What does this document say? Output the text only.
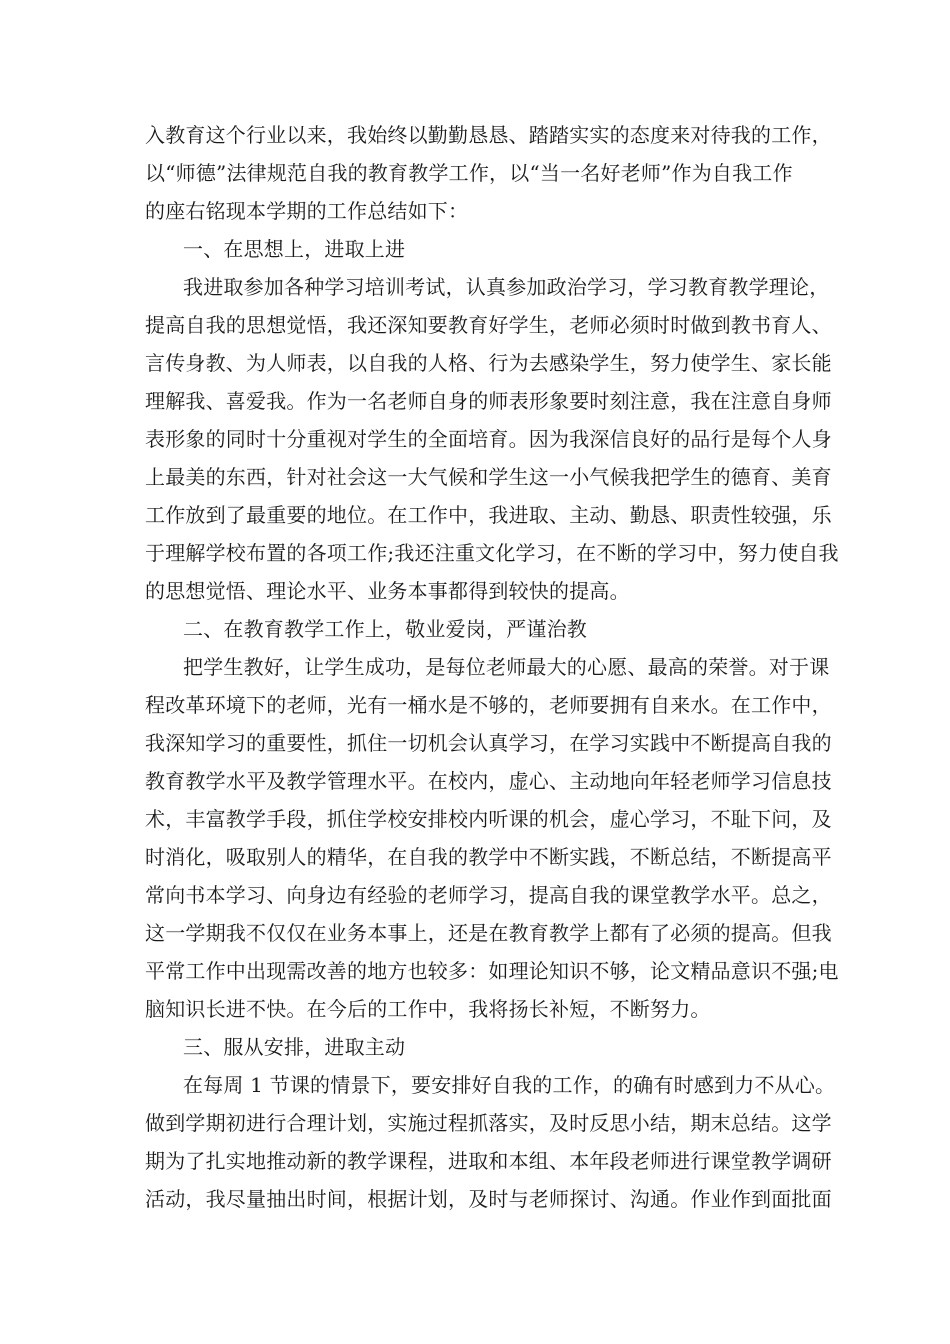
入教育这个行业以来，我始终以勤勤恳恳、踏踏实实的态度来对待我的工作，
以“师德”法律规范自我的教育教学工作，以“当一名好老师”作为自我工作
的座右铭现本学期的工作总结如下：
一、在思想上，进取上进
我进取参加各种学习培训考试，认真参加政治学习，学习教育教学理论，
提高自我的思想觉悟，我还深知要教育好学生，老师必须时时做到教书育人、
言传身教、为人师表，以自我的人格、行为去感染学生，努力使学生、家长能
理解我、喜爱我。作为一名老师自身的师表形象要时刻注意，我在注意自身师
表形象的同时十分重视对学生的全面培育。因为我深信良好的品行是每个人身
上最美的东西，针对社会这一大气候和学生这一小气候我把学生的德育、美育
工作放到了最重要的地位。在工作中，我进取、主动、勤恳、职责性较强，乐
于理解学校布置的各项工作;我还注重文化学习，在不断的学习中，努力使自我
的思想觉悟、理论水平、业务本事都得到较快的提高。
二、在教育教学工作上，敬业爱岗，严谨治教
把学生教好，让学生成功，是每位老师最大的心愿、最高的荣誉。对于课
程改革环境下的老师，光有一桶水是不够的，老师要拥有自来水。在工作中，
我深知学习的重要性，抓住一切机会认真学习，在学习实践中不断提高自我的
教育教学水平及教学管理水平。在校内，虚心、主动地向年轻老师学习信息技
术，丰富教学手段，抓住学校安排校内听课的机会，虚心学习，不耻下问，及
时消化，吸取别人的精华，在自我的教学中不断实践，不断总结，不断提高平
常向书本学习、向身边有经验的老师学习，提高自我的课堂教学水平。总之，
这一学期我不仅仅在业务本事上，还是在教育教学上都有了必须的提高。但我
平常工作中出现需改善的地方也较多：如理论知识不够，论文精品意识不强;电
脑知识长进不快。在今后的工作中，我将扬长补短，不断努力。
三、服从安排，进取主动
在每周 1 节课的情景下，要安排好自我的工作，的确有时感到力不从心。
做到学期初进行合理计划，实施过程抓落实，及时反思小结，期末总结。这学
期为了扎实地推动新的教学课程，进取和本组、本年段老师进行课堂教学调研
活动，我尽量抽出时间，根据计划，及时与老师探讨、沟通。作业作到面批面
